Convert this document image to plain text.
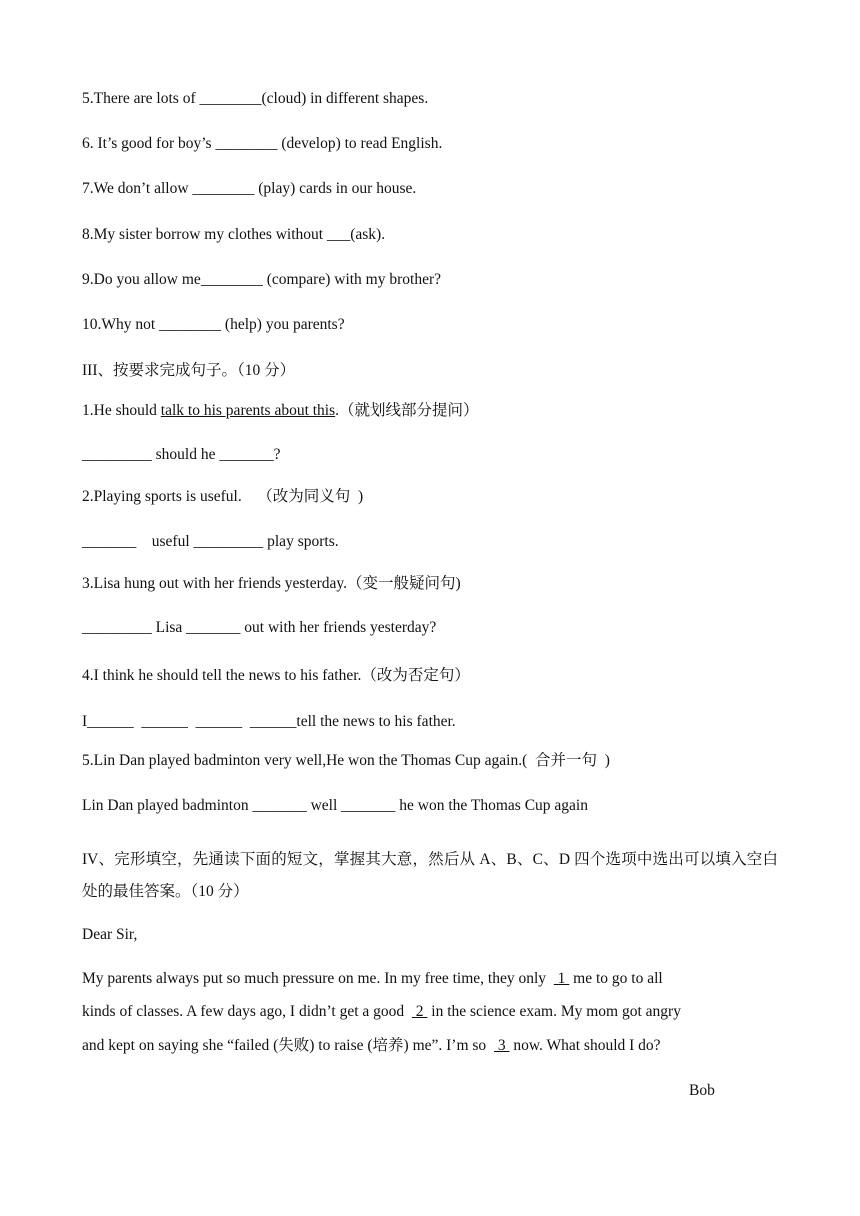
5.There are lots of ________(cloud) in different shapes.
6. It’s good for boy’s ________ (develop) to read English.
7.We don’t allow ________ (play) cards in our house.
8.My sister borrow my clothes without ___(ask).
9.Do you allow me________ (compare) with my brother?
10.Why not ________ (help) you parents?
III、按要求完成句子。（10 分）
1.He should talk to his parents about this.（就划线部分提问）
_________ should he _______?
2.Playing sports is useful.    （改为同义句  )
_______    useful _________ play sports.
3.Lisa hung out with her friends yesterday.（变一般疑问句)
_________ Lisa _______ out with her friends yesterday?
4.I think he should tell the news to his father.（改为否定句）
I______  ______  ______  ______tell the news to his father.
5.Lin Dan played badminton very well,He won the Thomas Cup again.(  合并一句  )
Lin Dan played badminton _______ well _______ he won the Thomas Cup again
IV、完形填空，先通读下面的短文，掌握其大意，然后从 A、B、C、D 四个选项中选出可以填入空白处的最佳答案。（10 分）
Dear Sir,
My parents always put so much pressure on me. In my free time, they only   1  me to go to all
kinds of classes. A few days ago, I didn’t get a good   2  in the science exam. My mom got angry
and kept on saying she “failed (失败) to raise (培养) me”. I’m so   3  now. What should I do?
Bob
